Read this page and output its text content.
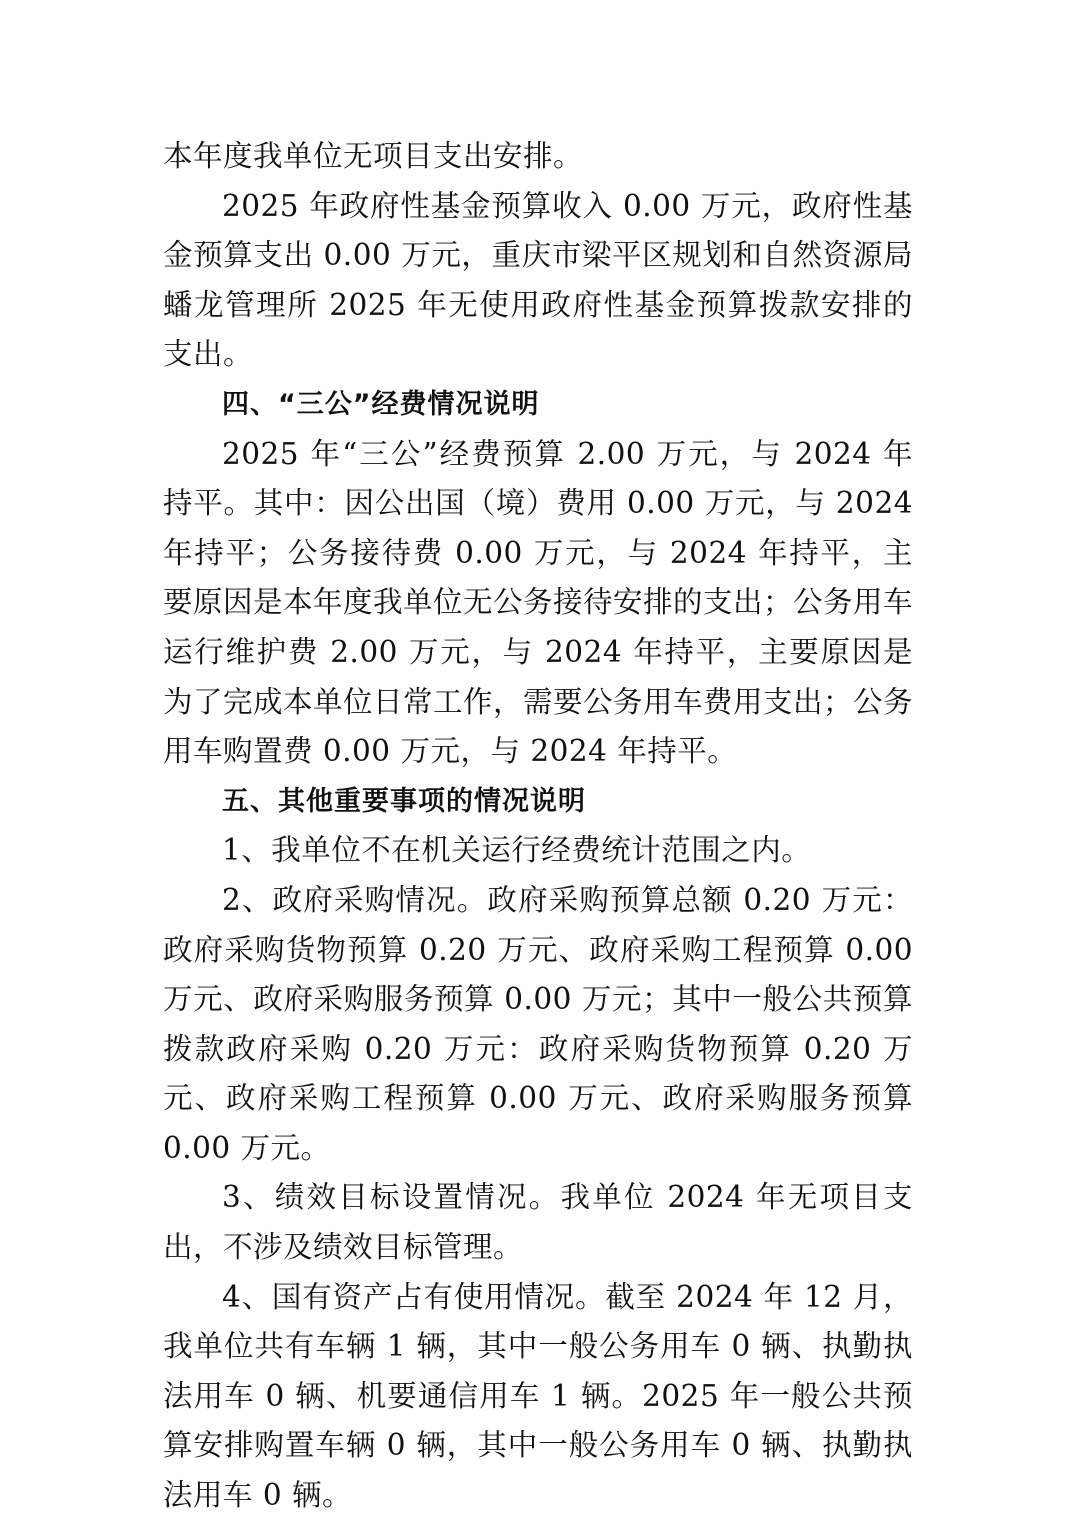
本年度我单位无项目支出安排。

2025 年政府性基金预算收入 0.00 万元，政府性基金预算支出 0.00 万元，重庆市梁平区规划和自然资源局蟠龙管理所 2025 年无使用政府性基金预算拨款安排的支出。

四、“三公”经费情况说明

2025 年“三公”经费预算 2.00 万元，与 2024 年持平。其中：因公出国（境）费用 0.00 万元，与 2024 年持平；公务接待费 0.00 万元，与 2024 年持平，主要原因是本年度我单位无公务接待安排的支出；公务用车运行维护费 2.00 万元，与 2024 年持平，主要原因是为了完成本单位日常工作，需要公务用车费用支出；公务用车购置费 0.00 万元，与 2024 年持平。

五、其他重要事项的情况说明

1、我单位不在机关运行经费统计范围之内。

2、政府采购情况。政府采购预算总额 0.20 万元：政府采购货物预算 0.20 万元、政府采购工程预算 0.00 万元、政府采购服务预算 0.00 万元；其中一般公共预算拨款政府采购 0.20 万元：政府采购货物预算 0.20 万元、政府采购工程预算 0.00 万元、政府采购服务预算 0.00 万元。

3、绩效目标设置情况。我单位 2024 年无项目支出，不涉及绩效目标管理。

4、国有资产占有使用情况。截至 2024 年 12 月，我单位共有车辆 1 辆，其中一般公务用车 0 辆、执勤执法用车 0 辆、机要通信用车 1 辆。2025 年一般公共预算安排购置车辆 0 辆，其中一般公务用车 0 辆、执勤执法用车 0 辆。
